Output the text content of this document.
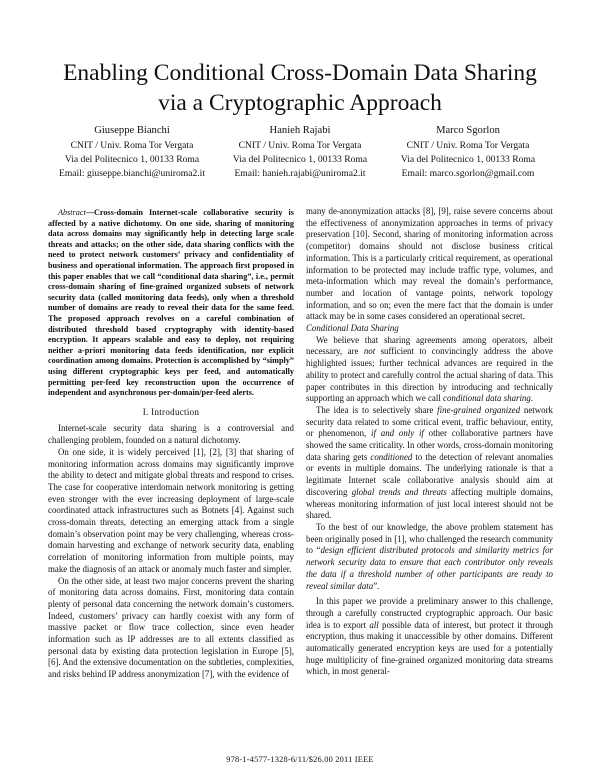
Enabling Conditional Cross-Domain Data Sharing
via a Cryptographic Approach
Giuseppe Bianchi
CNIT / Univ. Roma Tor Vergata
Via del Politecnico 1, 00133 Roma
Email: giuseppe.bianchi@uniroma2.it
Hanieh Rajabi
CNIT / Univ. Roma Tor Vergata
Via del Politecnico 1, 00133 Roma
Email: hanieh.rajabi@uniroma2.it
Marco Sgorlon
CNIT / Univ. Roma Tor Vergata
Via del Politecnico 1, 00133 Roma
Email: marco.sgorlon@gmail.com

Abstract—Cross-domain Internet-scale collaborative security is affected by a native dichotomy. On one side, sharing of monitoring data across domains may significantly help in detecting large scale threats and attacks; on the other side, data sharing conflicts with the need to protect network customers’ privacy and confidentiality of business and operational information. The approach first proposed in this paper enables that we call “conditional data sharing”, i.e., permit cross-domain sharing of fine-grained organized subsets of network security data (called monitoring data feeds), only when a threshold number of domains are ready to reveal their data for the same feed. The proposed approach revolves on a careful combination of distributed threshold based cryptography with identity-based encryption. It appears scalable and easy to deploy, not requiring neither a-priori monitoring data feeds identification, nor explicit coordination among domains. Protection is accomplished by “simply” using different cryptographic keys per feed, and automatically permitting per-feed key reconstruction upon the occurrence of independent and asynchronous per-domain/per-feed alerts.

I. Introduction

Internet-scale security data sharing is a controversial and challenging problem, founded on a natural dichotomy.

On one side, it is widely perceived [1], [2], [3] that sharing of monitoring information across domains may significantly improve the ability to detect and mitigate global threats and respond to crises. The case for cooperative interdomain network monitoring is getting even stronger with the ever increasing deployment of large-scale coordinated attack infrastructures such as Botnets [4]. Against such cross-domain threats, detecting an emerging attack from a single domain’s observation point may be very challenging, whereas cross-domain harvesting and exchange of network security data, enabling correlation of monitoring information from multiple points, may make the diagnosis of an attack or anomaly much faster and simpler.

On the other side, at least two major concerns prevent the sharing of monitoring data across domains. First, monitoring data contain plenty of personal data concerning the network domain’s customers. Indeed, customers’ privacy can hardly coexist with any form of massive packet or flow trace collection, since even header information such as IP addresses are to all extents classified as personal data by existing data protection legislation in Europe [5], [6]. And the extensive documentation on the subtleties, complexities, and risks behind IP address anonymization [7], with the evidence of

many de-anonymization attacks [8], [9], raise severe concerns about the effectiveness of anonymization approaches in terms of privacy preservation [10]. Second, sharing of monitoring information across (competitor) domains should not disclose business critical information. This is a particularly critical requirement, as operational information to be protected may include traffic type, volumes, and meta-information which may reveal the domain’s performance, number and location of vantage points, network topology information, and so on; even the mere fact that the domain is under attack may be in some cases considered an operational secret.

Conditional Data Sharing

We believe that sharing agreements among operators, albeit necessary, are not sufficient to convincingly address the above highlighted issues; further technical advances are required in the ability to protect and carefully control the actual sharing of data. This paper contributes in this direction by introducing and technically supporting an approach which we call conditional data sharing.

The idea is to selectively share fine-grained organized network security data related to some critical event, traffic behaviour, entity, or phenomenon, if and only if other collaborative partners have showed the same criticality. In other words, cross-domain monitoring data sharing gets conditioned to the detection of relevant anomalies or events in multiple domains. The underlying rationale is that a legitimate Internet scale collaborative analysis should aim at discovering global trends and threats affecting multiple domains, whereas monitoring information of just local interest should not be shared.

To the best of our knowledge, the above problem statement has been originally posed in [1], who challenged the research community to “design efficient distributed protocols and similarity metrics for network security data to ensure that each contributor only reveals the data if a threshold number of other participants are ready to reveal similar data”.

In this paper we provide a preliminary answer to this challenge, through a carefully constructed cryptographic approach. Our basic idea is to export all possible data of interest, but protect it through encryption, thus making it unaccessible by other domains. Different automatically generated encryption keys are used for a potentially huge multiplicity of fine-grained organized monitoring data streams which, in most general-

978-1-4577-1328-6/11/$26.00 2011 IEEE
